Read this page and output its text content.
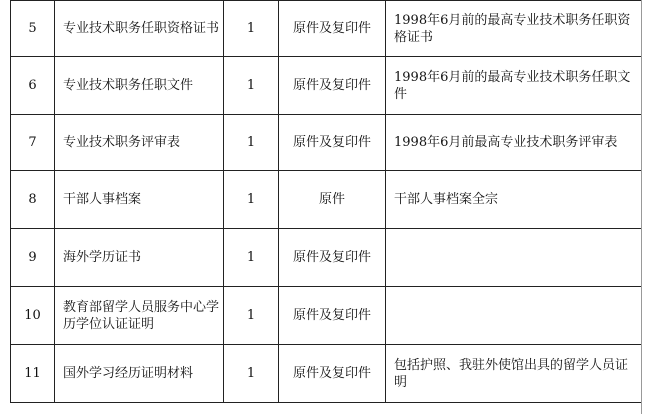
5	专业技术职务任职资格证书	1	原件及复印件	1998年6月前的最高专业技术职务任职资格证书
6	专业技术职务任职文件	1	原件及复印件	1998年6月前的最高专业技术职务任职文件
7	专业技术职务评审表	1	原件及复印件	1998年6月前最高专业技术职务评审表
8	干部人事档案	1	原件	干部人事档案全宗
9	海外学历证书	1	原件及复印件	
10	教育部留学人员服务中心学历学位认证证明	1	原件及复印件	
11	国外学习经历证明材料	1	原件及复印件	包括护照、我驻外使馆出具的留学人员证明
